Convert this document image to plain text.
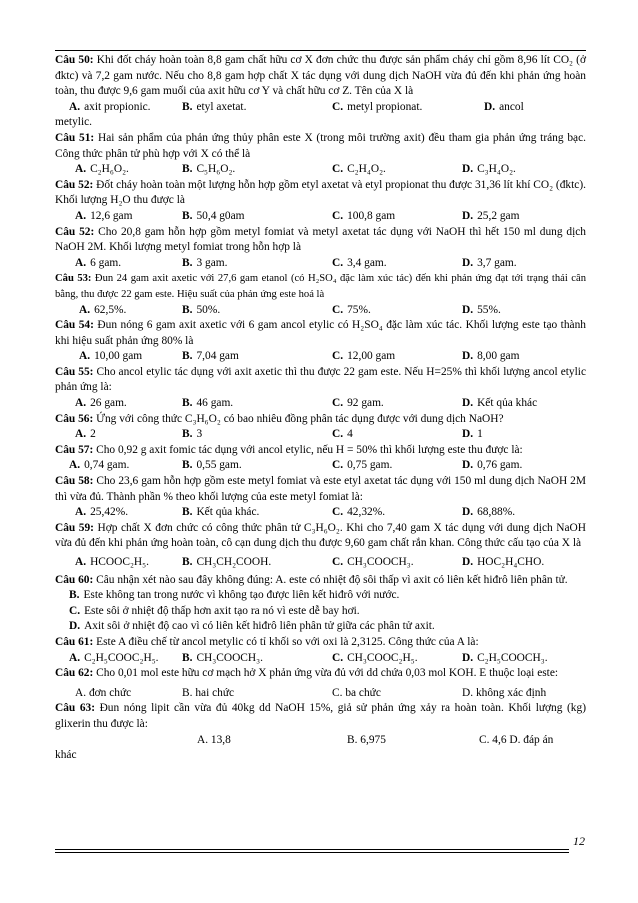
Câu 50: Khi đốt cháy hoàn toàn 8,8 gam chất hữu cơ X đơn chức thu được sản phẩm cháy chỉ gồm 8,96 lít CO₂ (ở đktc) và 7,2 gam nước. Nếu cho 8,8 gam hợp chất X tác dụng với dung dịch NaOH vừa đủ đến khi phản ứng hoàn toàn, thu được 9,6 gam muối của axit hữu cơ Y và chất hữu cơ Z. Tên của X là

A. axit propionic.	B. etyl axetat.	C. metyl propionat.	D. ancol

metylic.

Câu 51: Hai sản phẩm của phản ứng thủy phân este X (trong môi trường axit) đều tham gia phản ứng tráng bạc. Công thức phân tử phù hợp với X có thể là

A. C₂H₆O₂.	B. C₅H₆O₂.	C. C₂H₄O₂.	D. C₃H₄O₂.

Câu 52: Đốt cháy hoàn toàn một lượng hỗn hợp gồm etyl axetat và etyl propionat thu được 31,36 lít khí CO₂ (đktc). Khối lượng H₂O thu được là

A. 12,6 gam	B. 50,4 g0am	C. 100,8 gam	D. 25,2 gam

Câu 52: Cho 20,8 gam hỗn hợp gồm metyl fomiat và metyl axetat tác dụng với NaOH thì hết 150 ml dung dịch NaOH 2M. Khối lượng metyl fomiat trong hỗn hợp là

A. 6 gam.	B. 3 gam.	C. 3,4 gam.	D. 3,7 gam.

Câu 53: Đun 24 gam axit axetic với 27,6 gam etanol (có H₂SO₄ đặc làm xúc tác) đến khi phản ứng đạt tới trạng thái cân bằng, thu được 22 gam este. Hiệu suất của phản ứng este hoá là

A. 62,5%.	B. 50%.	C. 75%.	D. 55%.

Câu 54: Đun nóng 6 gam axit axetic với 6 gam ancol etylic có H₂SO₄ đặc làm xúc tác. Khối lượng este tạo thành khi hiệu suất phản ứng 80% là

A. 10,00 gam	B. 7,04 gam	C. 12,00 gam	D. 8,00 gam

Câu 55: Cho ancol etylic tác dụng với axit axetic thì thu được 22 gam este. Nếu H=25% thì khối lượng ancol etylic phản ứng là:

A. 26 gam.	B. 46 gam.	C. 92 gam.	D. Kết qủa khác

Câu 56: Ứng với công thức C₃H₆O₂ có bao nhiêu đồng phân tác dụng được với dung dịch NaOH?

A. 2	B. 3	C. 4	D. 1

Câu 57: Cho 0,92 g axit fomic tác dụng với ancol etylic, nếu H = 50% thì khối lượng este thu được là:

A. 0,74 gam.	B. 0,55 gam.	C. 0,75 gam.	D. 0,76 gam.

Câu 58: Cho 23,6 gam hỗn hợp gồm este metyl fomiat và este etyl axetat tác dụng với 150 ml dung dịch NaOH 2M thì vừa đủ. Thành phần % theo khối lượng của este metyl fomiat là:

A. 25,42%.	B. Kết qủa khác.	C. 42,32%.	D. 68,88%.

Câu 59: Hợp chất X đơn chức có công thức phân tử C₃H₆O₂. Khi cho 7,40 gam X tác dụng với dung dịch NaOH vừa đủ đến khi phản ứng hoàn toàn, cô cạn dung dịch thu được 9,60 gam chất rắn khan. Công thức cấu tạo của X là

A. HCOOC₂H₅.	B. CH₃CH₂COOH.	C. CH₃COOCH₃.	D. HOC₂H₄CHO.

Câu 60: Câu nhận xét nào sau đây không đúng: A. este có nhiệt độ sôi thấp vì axit có liên kết hiđrô liên phân tử.

B. Este không tan trong nước vì không tạo được liên kết hiđrô với nước.

C. Este sôi ở nhiệt độ thấp hơn axit tạo ra nó vì este dễ bay hơi.

D. Axit sôi ở nhiệt độ cao vì có liên kết hiđrô liên phân tử giữa các phân tử axit.

Câu 61: Este A điều chế từ ancol metylic có tỉ khối so với oxi là 2,3125. Công thức của A là:

A. C₂H₅COOC₂H₅.	B. CH₃COOCH₃.	C. CH₃COOC₂H₅.	D. C₂H₅COOCH₃.

Câu 62: Cho 0,01 mol este hữu cơ mạch hở X phản ứng vừa đủ với dd chứa 0,03 mol KOH. E thuộc loại este:

A. đơn chức	B. hai chức	C. ba chức	D. không xác định

Câu 63: Đun nóng lipit cần vừa đủ 40kg dd NaOH 15%, giả sử phản ứng xảy ra hoàn toàn. Khối lượng (kg) glixerin thu được là:

A. 13,8	B. 6,975	C. 4,6 D. đáp án

khác

12
